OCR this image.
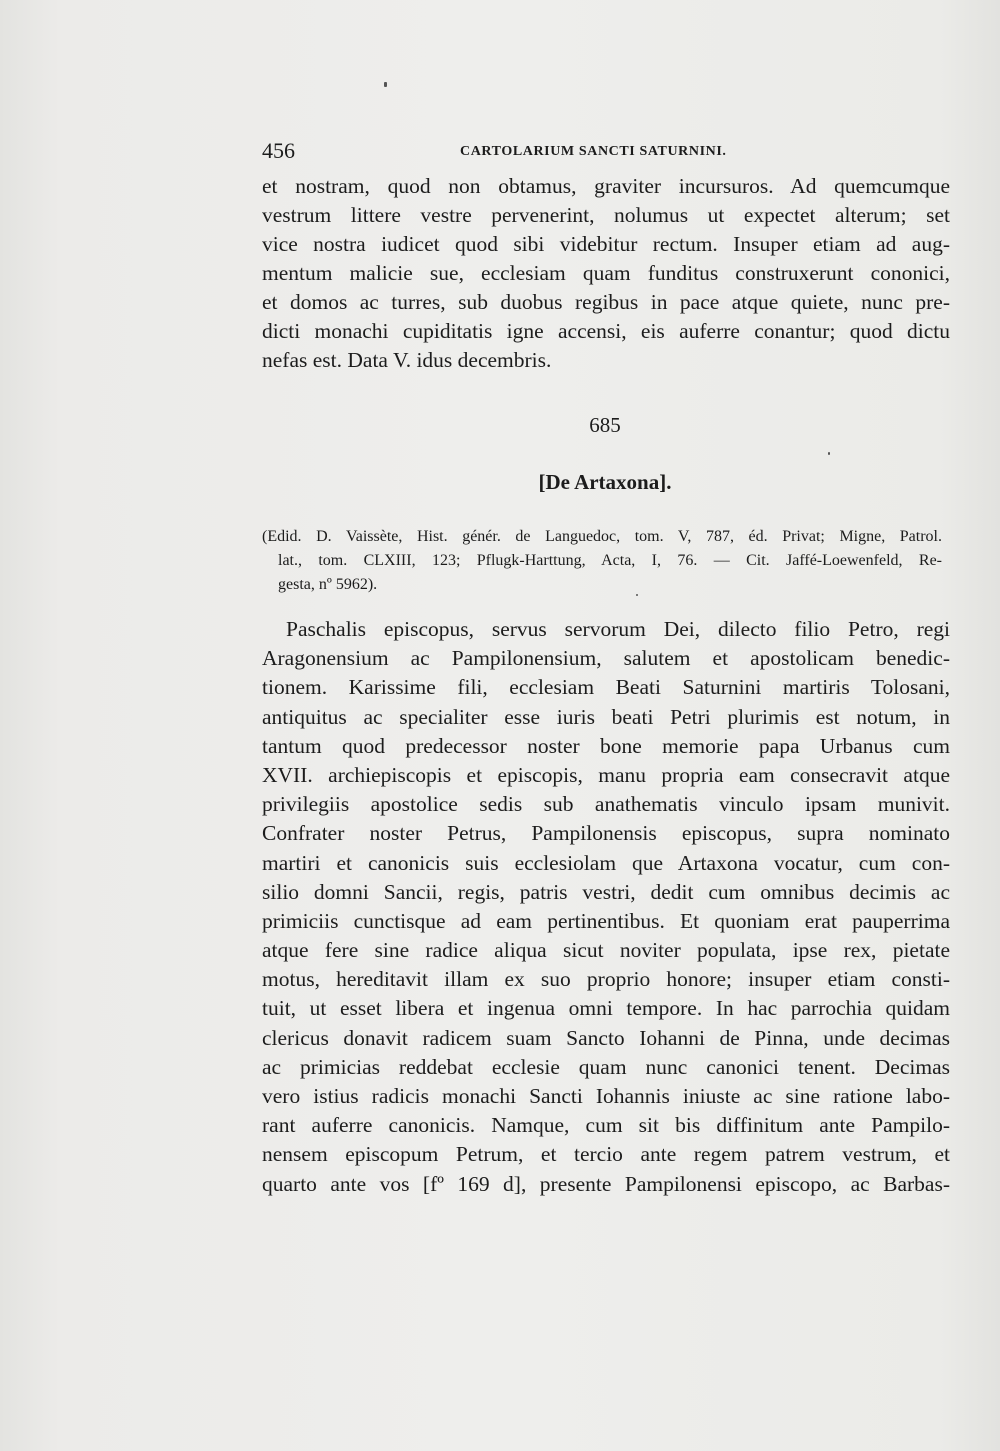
456	CARTOLARIUM SANCTI SATURNINI.
et nostram, quod non obtamus, graviter incursuros. Ad quemcumque
vestrum littere vestre pervenerint, nolumus ut expectet alterum; set
vice nostra iudicet quod sibi videbitur rectum. Insuper etiam ad aug-
mentum malicie sue, ecclesiam quam funditus construxerunt cononici,
et domos ac turres, sub duobus regibus in pace atque quiete, nunc pre-
dicti monachi cupiditatis igne accensi, eis auferre conantur; quod dictu
nefas est. Data V. idus decembris.
685
[De Artaxona].
(Edid. D. Vaissète, Hist. génér. de Languedoc, tom. V, 787, éd. Privat; Migne, Patrol.
lat., tom. CLXIII, 123; Pflugk-Harttung, Acta, I, 76. — Cit. Jaffé-Loewenfeld, Re-
gesta, nº 5962).
Paschalis episcopus, servus servorum Dei, dilecto filio Petro, regi
Aragonensium ac Pampilonensium, salutem et apostolicam benedic-
tionem. Karissime fili, ecclesiam Beati Saturnini martiris Tolosani,
antiquitus ac specialiter esse iuris beati Petri plurimis est notum, in
tantum quod predecessor noster bone memorie papa Urbanus cum
XVII. archiepiscopis et episcopis, manu propria eam consecravit atque
privilegiis apostolice sedis sub anathematis vinculo ipsam munivit.
Confrater noster Petrus, Pampilonensis episcopus, supra nominato
martiri et canonicis suis ecclesiolam que Artaxona vocatur, cum con-
silio domni Sancii, regis, patris vestri, dedit cum omnibus decimis ac
primiciis cunctisque ad eam pertinentibus. Et quoniam erat pauperrima
atque fere sine radice aliqua sicut noviter populata, ipse rex, pietate
motus, hereditavit illam ex suo proprio honore; insuper etiam consti-
tuit, ut esset libera et ingenua omni tempore. In hac parrochia quidam
clericus donavit radicem suam Sancto Iohanni de Pinna, unde decimas
ac primicias reddebat ecclesie quam nunc canonici tenent. Decimas
vero istius radicis monachi Sancti Iohannis iniuste ac sine ratione labo-
rant auferre canonicis. Namque, cum sit bis diffinitum ante Pampilo-
nensem episcopum Petrum, et tercio ante regem patrem vestrum, et
quarto ante vos [fº 169 d], presente Pampilonensi episcopo, ac Barbas-
